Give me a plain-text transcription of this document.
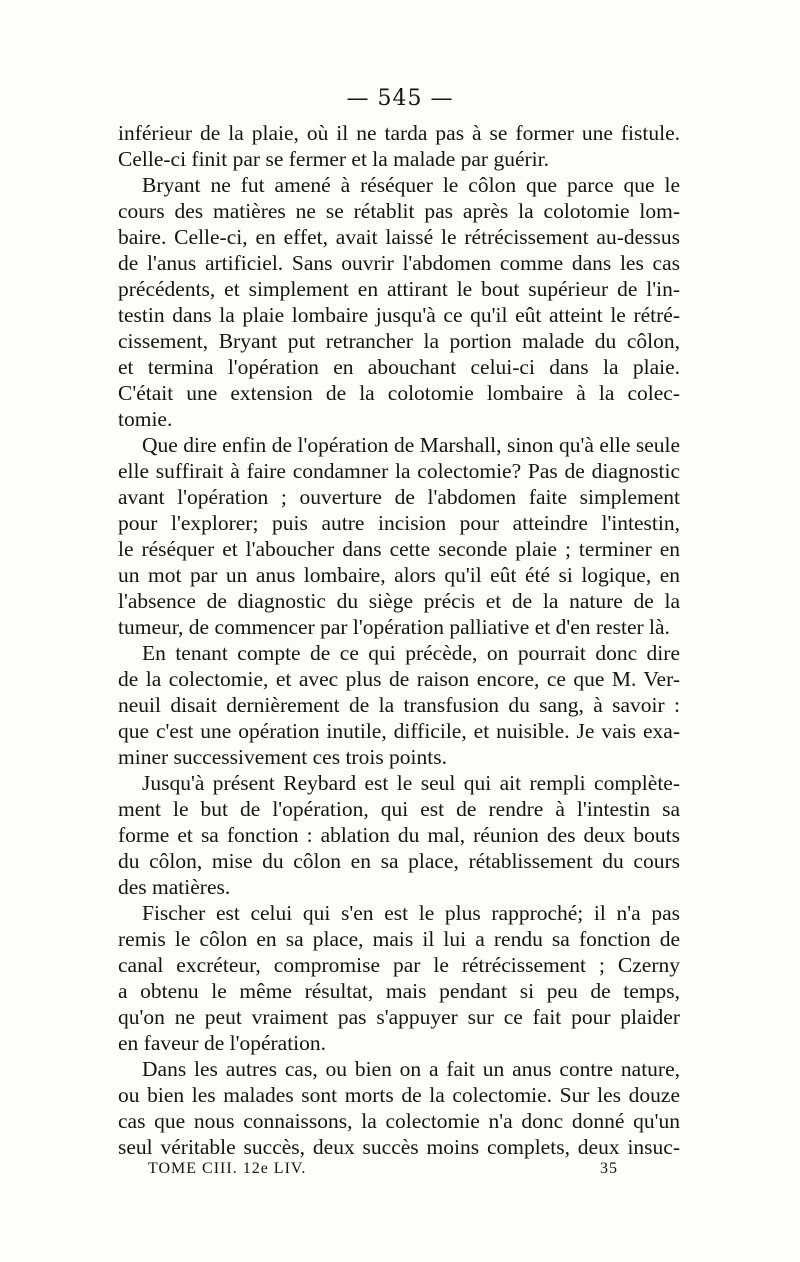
— 545 —
inférieur de la plaie, où il ne tarda pas à se former une fistule.
Celle-ci finit par se fermer et la malade par guérir.
Bryant ne fut amené à réséquer le côlon que parce que le
cours des matières ne se rétablit pas après la colotomie lom-
baire. Celle-ci, en effet, avait laissé le rétrécissement au-dessus
de l'anus artificiel. Sans ouvrir l'abdomen comme dans les cas
précédents, et simplement en attirant le bout supérieur de l'in-
testin dans la plaie lombaire jusqu'à ce qu'il eût atteint le rétré-
cissement, Bryant put retrancher la portion malade du côlon,
et termina l'opération en abouchant celui-ci dans la plaie.
C'était une extension de la colotomie lombaire à la colec-
tomie.
Que dire enfin de l'opération de Marshall, sinon qu'à elle seule
elle suffirait à faire condamner la colectomie? Pas de diagnostic
avant l'opération ; ouverture de l'abdomen faite simplement
pour l'explorer; puis autre incision pour atteindre l'intestin,
le réséquer et l'aboucher dans cette seconde plaie ; terminer en
un mot par un anus lombaire, alors qu'il eût été si logique, en
l'absence de diagnostic du siège précis et de la nature de la
tumeur, de commencer par l'opération palliative et d'en rester là.
En tenant compte de ce qui précède, on pourrait donc dire
de la colectomie, et avec plus de raison encore, ce que M. Ver-
neuil disait dernièrement de la transfusion du sang, à savoir :
que c'est une opération inutile, difficile, et nuisible. Je vais exa-
miner successivement ces trois points.
Jusqu'à présent Reybard est le seul qui ait rempli complète-
ment le but de l'opération, qui est de rendre à l'intestin sa
forme et sa fonction : ablation du mal, réunion des deux bouts
du côlon, mise du côlon en sa place, rétablissement du cours
des matières.
Fischer est celui qui s'en est le plus rapproché; il n'a pas
remis le côlon en sa place, mais il lui a rendu sa fonction de
canal excréteur, compromise par le rétrécissement ; Czerny
a obtenu le même résultat, mais pendant si peu de temps,
qu'on ne peut vraiment pas s'appuyer sur ce fait pour plaider
en faveur de l'opération.
Dans les autres cas, ou bien on a fait un anus contre nature,
ou bien les malades sont morts de la colectomie. Sur les douze
cas que nous connaissons, la colectomie n'a donc donné qu'un
seul véritable succès, deux succès moins complets, deux insuc-
TOME CIII. 12e LIV.	35
